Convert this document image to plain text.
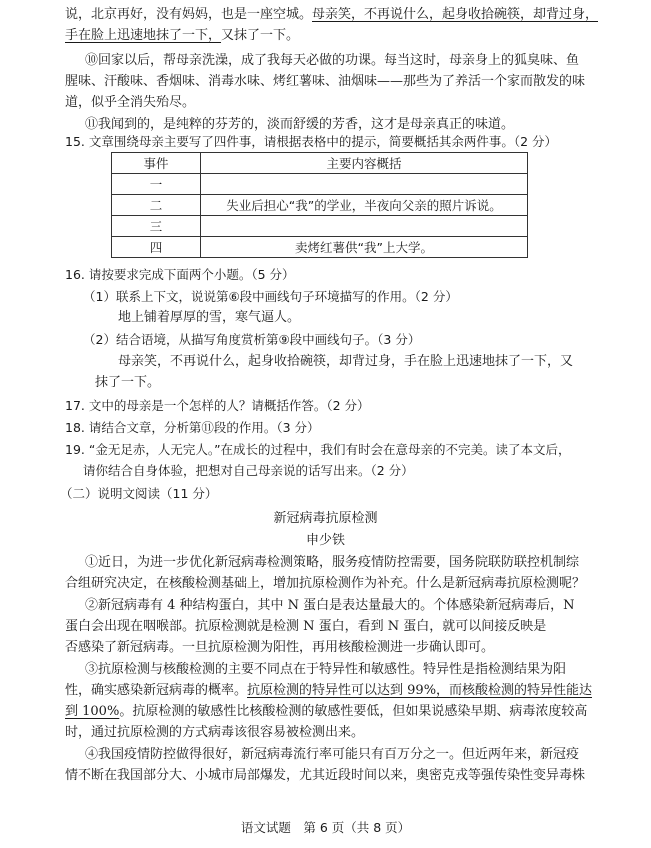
说，北京再好，没有妈妈，也是一座空城。母亲笑，不再说什么，起身收拾碗筷，却背过身，
手在脸上迅速地抹了一下，又抹了一下。
⑩回家以后，帮母亲洗澡，成了我每天必做的功课。每当这时，母亲身上的狐臭味、鱼
腥味、汗酸味、香烟味、消毒水味、烤红薯味、油烟味——那些为了养活一个家而散发的味
道，似乎全消失殆尽。
⑪我闻到的，是纯粹的芬芳的，淡而舒缓的芳香，这才是母亲真正的味道。
15. 文章围绕母亲主要写了四件事，请根据表格中的提示，简要概括其余两件事。（2 分）
事件	主要内容概括
一	
二	失业后担心“我”的学业，半夜向父亲的照片诉说。
三	
四	卖烤红薯供“我”上大学。
16. 请按要求完成下面两个小题。（5 分）
（1）联系上下文，说说第⑥段中画线句子环境描写的作用。（2 分）
地上铺着厚厚的雪，寒气逼人。
（2）结合语境，从描写角度赏析第⑨段中画线句子。（3 分）
母亲笑，不再说什么，起身收拾碗筷，却背过身，手在脸上迅速地抹了一下，又
抹了一下。
17. 文中的母亲是一个怎样的人？请概括作答。（2 分）
18. 请结合文章，分析第⑪段的作用。（3 分）
19. “金无足赤，人无完人。”在成长的过程中，我们有时会在意母亲的不完美。读了本文后，
请你结合自身体验，把想对自己母亲说的话写出来。（2 分）
（二）说明文阅读（11 分）
新冠病毒抗原检测
申少铁
①近日，为进一步优化新冠病毒检测策略，服务疫情防控需要，国务院联防联控机制综
合组研究决定，在核酸检测基础上，增加抗原检测作为补充。什么是新冠病毒抗原检测呢？
②新冠病毒有 4 种结构蛋白，其中 N 蛋白是表达量最大的。个体感染新冠病毒后，N
蛋白会出现在咽喉部。抗原检测就是检测 N 蛋白，看到 N 蛋白，就可以间接反映是
否感染了新冠病毒。一旦抗原检测为阳性，再用核酸检测进一步确认即可。
③抗原检测与核酸检测的主要不同点在于特异性和敏感性。特异性是指检测结果为阳
性，确实感染新冠病毒的概率。抗原检测的特异性可以达到 99%，而核酸检测的特异性能达
到 100%。抗原检测的敏感性比核酸检测的敏感性要低，但如果说感染早期、病毒浓度较高
时，通过抗原检测的方式病毒该很容易被检测出来。
④我国疫情防控做得很好，新冠病毒流行率可能只有百万分之一。但近两年来，新冠疫
情不断在我国部分大、小城市局部爆发，尤其近段时间以来，奥密克戎等强传染性变异毒株
语文试题　第 6 页（共 8 页）
